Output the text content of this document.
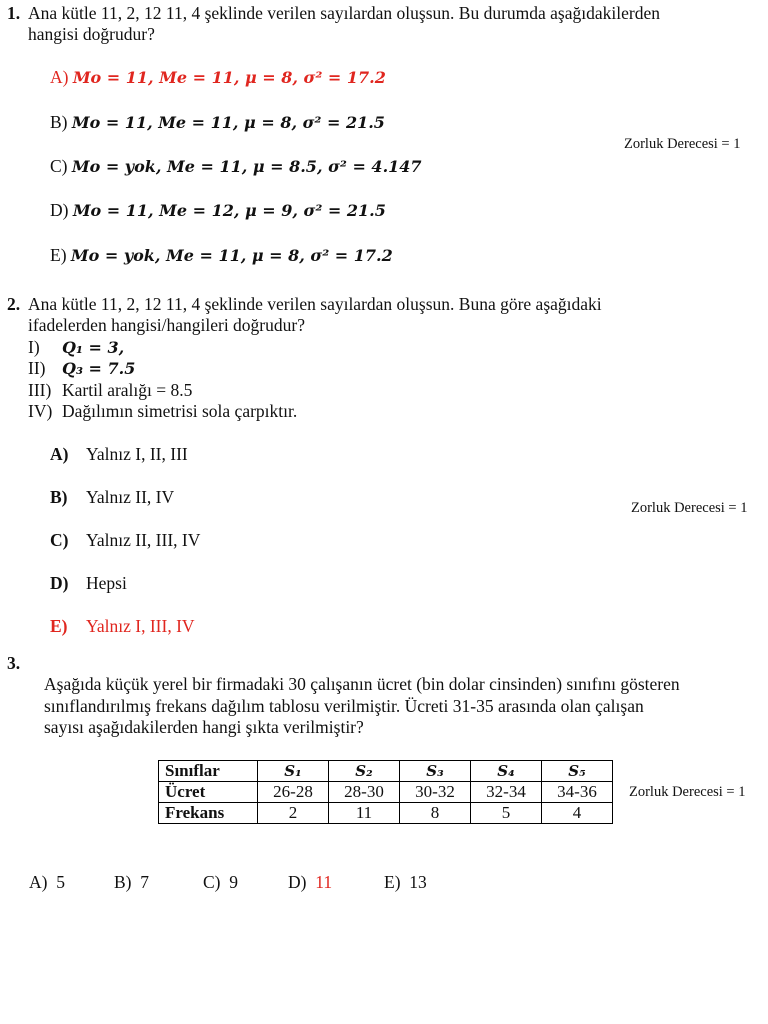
1. Ana kütle 11, 2, 12 11, 4 şeklinde verilen sayılardan oluşsun. Bu durumda aşağıdakilerden
hangisi doğrudur?
A) Mo = 11, Me = 11, μ = 8, σ² = 17.2
B) Mo = 11, Me = 11, μ = 8, σ² = 21.5
C) Mo = yok, Me = 11, μ = 8.5, σ² = 4.147
D) Mo = 11, Me = 12, μ = 9, σ² = 21.5
E) Mo = yok, Me = 11, μ = 8, σ² = 17.2
Zorluk Derecesi = 1
2. Ana kütle 11, 2, 12 11, 4 şeklinde verilen sayılardan oluşsun. Buna göre aşağıdaki
ifadelerden hangisi/hangileri doğrudur?
I) Q₁ = 3,
II) Q₃ = 7.5
III) Kartil aralığı = 8.5
IV) Dağılımın simetrisi sola çarpıktır.
A) Yalnız I, II, III
B) Yalnız II, IV
C) Yalnız II, III, IV
D) Hepsi
E) Yalnız I, III, IV
Zorluk Derecesi = 1
3.
Aşağıda küçük yerel bir firmadaki 30 çalışanın ücret (bin dolar cinsinden) sınıfını gösteren
sınıflandırılmış frekans dağılım tablosu verilmiştir. Ücreti 31-35 arasında olan çalışan
sayısı aşağıdakilerden hangi şıkta verilmiştir?
Sınıflar	S₁	S₂	S₃	S₄	S₅
Ücret	26-28	28-30	30-32	32-34	34-36
Frekans	2	11	8	5	4
Zorluk Derecesi = 1
A) 5	B) 7	C) 9	D) 11	E) 13
